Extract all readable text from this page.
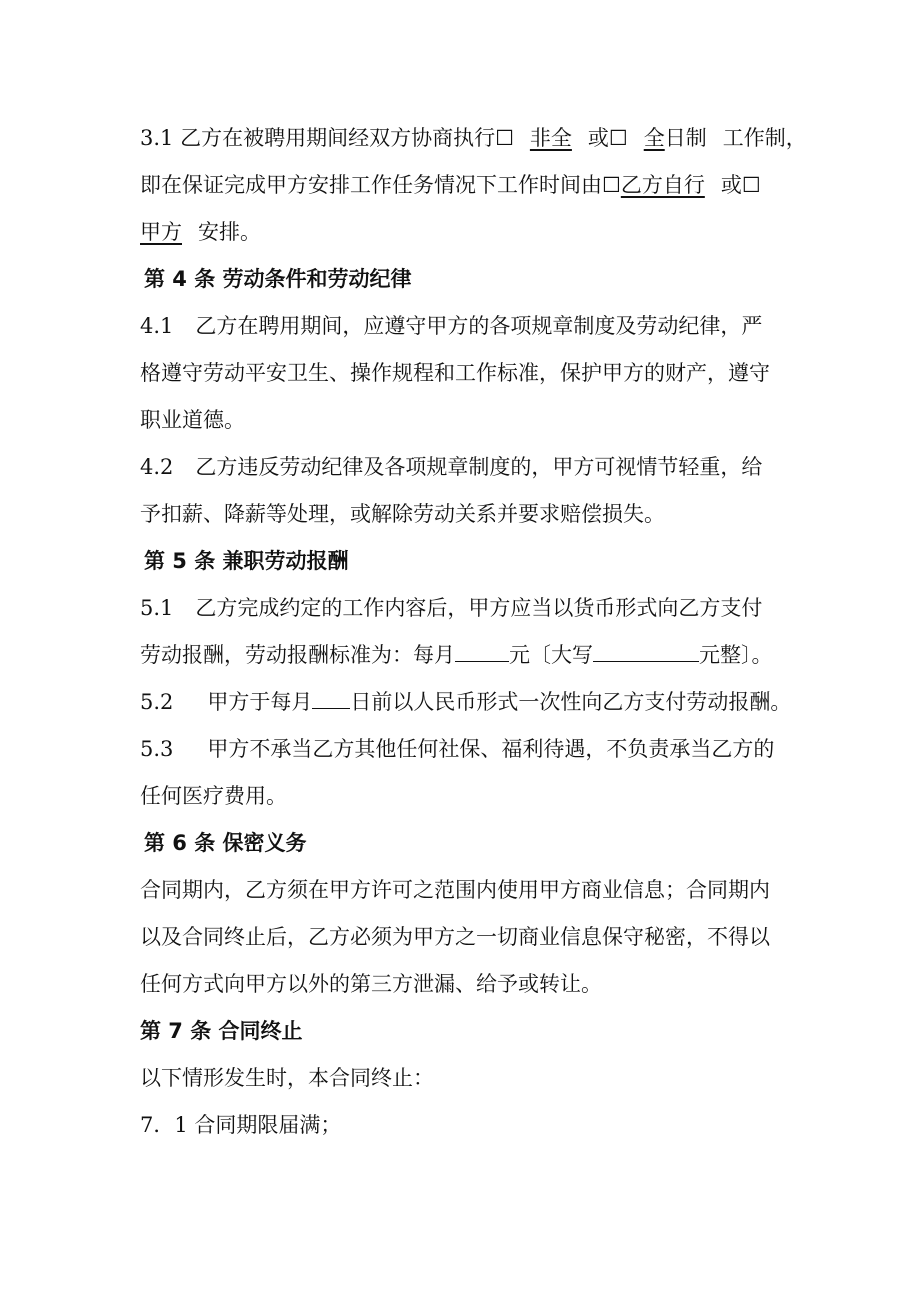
3.1 乙方在被聘用期间经双方协商执行☐ 非全 或☐ 全日制 工作制，
即在保证完成甲方安排工作任务情况下工作时间由☐乙方自行 或☐
甲方 安排。
第 4 条 劳动条件和劳动纪律
4.1 乙方在聘用期间，应遵守甲方的各项规章制度及劳动纪律，严
格遵守劳动平安卫生、操作规程和工作标准，保护甲方的财产，遵守
职业道德。
4.2 乙方违反劳动纪律及各项规章制度的，甲方可视情节轻重，给
予扣薪、降薪等处理，或解除劳动关系并要求赔偿损失。
第 5 条 兼职劳动报酬
5.1 乙方完成约定的工作内容后，甲方应当以货币形式向乙方支付
劳动报酬，劳动报酬标准为：每月	元〔大写	元整〕。
5.2 甲方于每月 日前以人民币形式一次性向乙方支付劳动报酬。
5.3 甲方不承当乙方其他任何社保、福利待遇，不负责承当乙方的
任何医疗费用。
第 6 条 保密义务
合同期内，乙方须在甲方许可之范围内使用甲方商业信息；合同期内
以及合同终止后，乙方必须为甲方之一切商业信息保守秘密，不得以
任何方式向甲方以外的第三方泄漏、给予或转让。
第 7 条 合同终止
以下情形发生时，本合同终止：
7．1 合同期限届满；
